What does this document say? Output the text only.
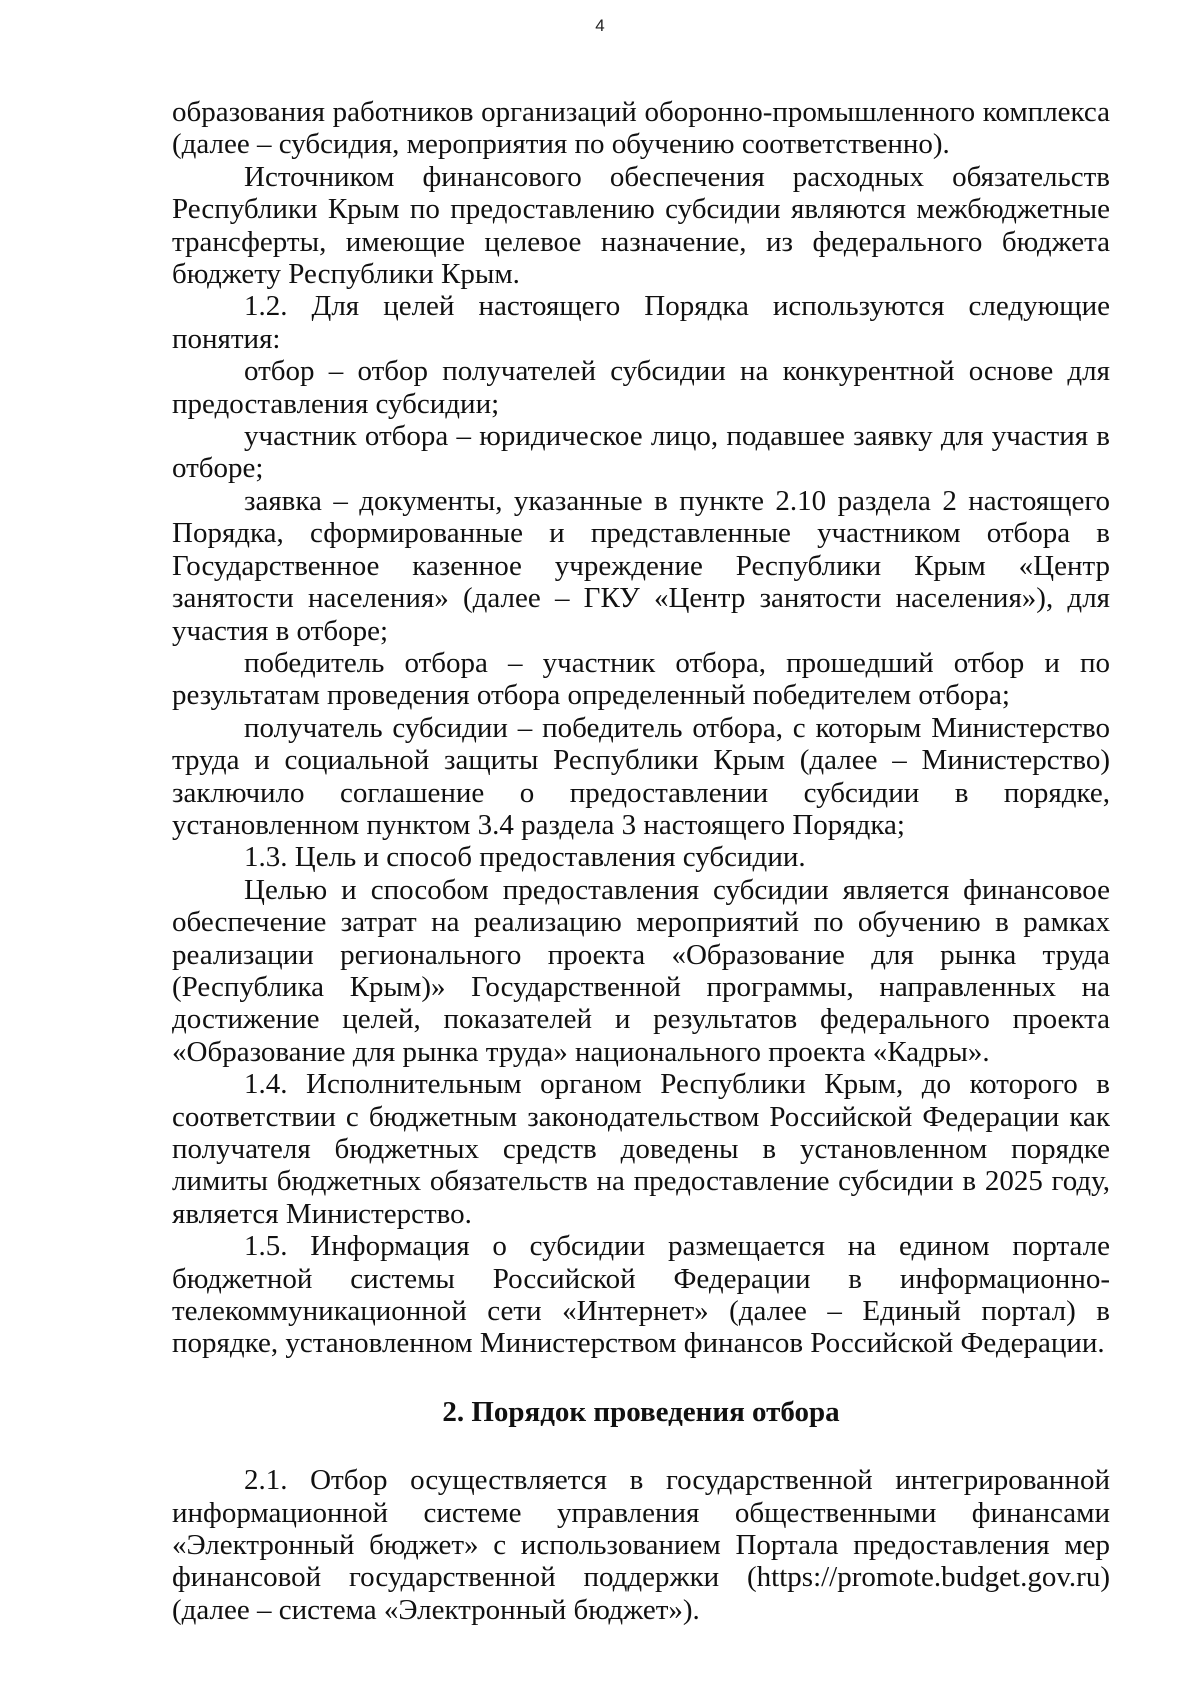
4

образования работников организаций оборонно-промышленного комплекса (далее – субсидия, мероприятия по обучению соответственно).

Источником финансового обеспечения расходных обязательств Республики Крым по предоставлению субсидии являются межбюджетные трансферты, имеющие целевое назначение, из федерального бюджета бюджету Республики Крым.

1.2. Для целей настоящего Порядка используются следующие понятия:

отбор – отбор получателей субсидии на конкурентной основе для предоставления субсидии;

участник отбора – юридическое лицо, подавшее заявку для участия в отборе;

заявка – документы, указанные в пункте 2.10 раздела 2 настоящего Порядка, сформированные и представленные участником отбора в Государственное казенное учреждение Республики Крым «Центр занятости населения» (далее – ГКУ «Центр занятости населения»), для участия в отборе;

победитель отбора – участник отбора, прошедший отбор и по результатам проведения отбора определенный победителем отбора;

получатель субсидии – победитель отбора, с которым Министерство труда и социальной защиты Республики Крым (далее – Министерство) заключило соглашение о предоставлении субсидии в порядке, установленном пунктом 3.4 раздела 3 настоящего Порядка;

1.3. Цель и способ предоставления субсидии.

Целью и способом предоставления субсидии является финансовое обеспечение затрат на реализацию мероприятий по обучению в рамках реализации регионального проекта «Образование для рынка труда (Республика Крым)» Государственной программы, направленных на достижение целей, показателей и результатов федерального проекта «Образование для рынка труда» национального проекта «Кадры».

1.4. Исполнительным органом Республики Крым, до которого в соответствии с бюджетным законодательством Российской Федерации как получателя бюджетных средств доведены в установленном порядке лимиты бюджетных обязательств на предоставление субсидии в 2025 году, является Министерство.

1.5. Информация о субсидии размещается на едином портале бюджетной системы Российской Федерации в информационно-телекоммуникационной сети «Интернет» (далее – Единый портал) в порядке, установленном Министерством финансов Российской Федерации.

2. Порядок проведения отбора

2.1. Отбор осуществляется в государственной интегрированной информационной системе управления общественными финансами «Электронный бюджет» с использованием Портала предоставления мер финансовой государственной поддержки (https://promote.budget.gov.ru) (далее – система «Электронный бюджет»).
